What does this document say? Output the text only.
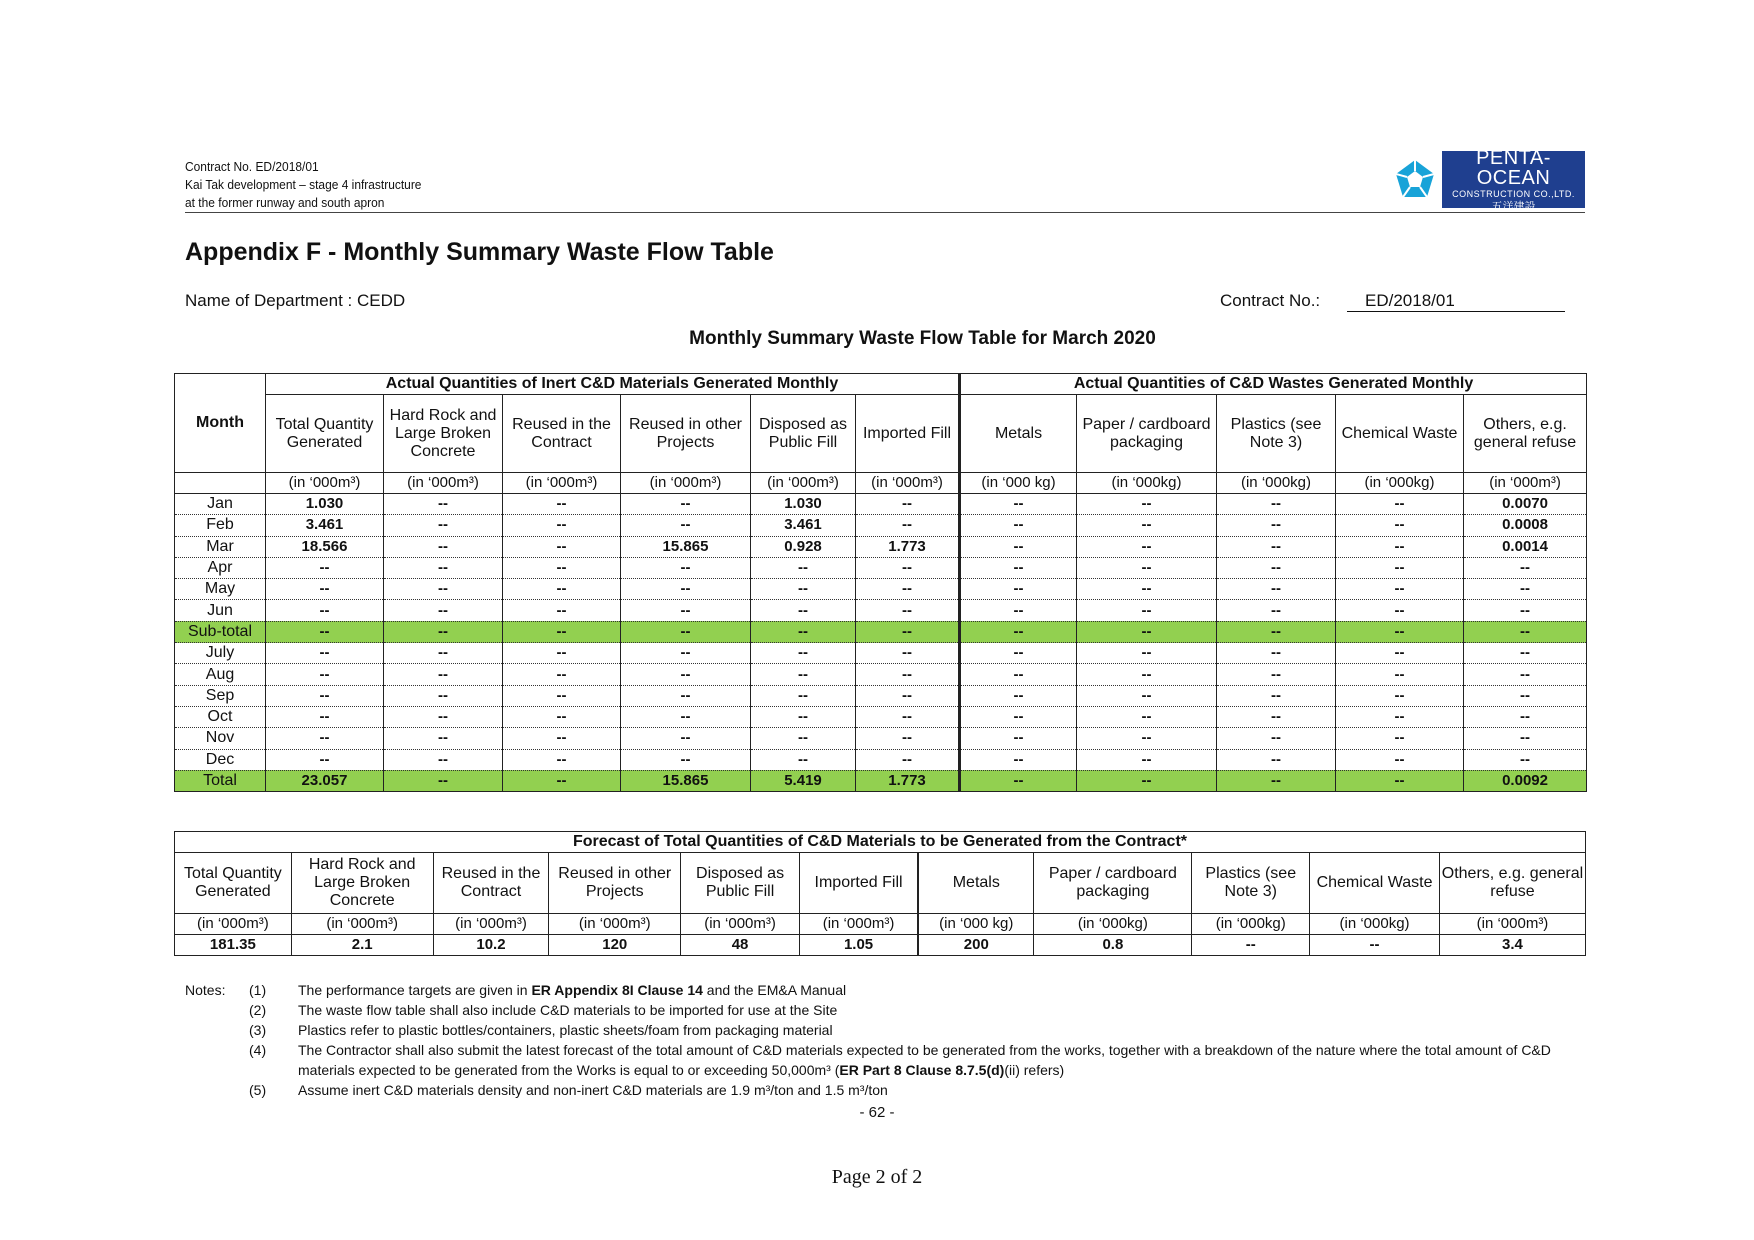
Contract No. ED/2018/01
Kai Tak development – stage 4 infrastructure
at the former runway and south apron
PENTA-OCEAN
CONSTRUCTION CO.,LTD.
五洋建設
Appendix F - Monthly Summary Waste Flow Table
Name of Department : CEDD	Contract No.:	ED/2018/01
Monthly Summary Waste Flow Table for March 2020
Month	Actual Quantities of Inert C&D Materials Generated Monthly						Actual Quantities of C&D Wastes Generated Monthly				
	Total Quantity Generated	Hard Rock and Large Broken Concrete	Reused in the Contract	Reused in other Projects	Disposed as Public Fill	Imported Fill	Metals	Paper / cardboard packaging	Plastics (see Note 3)	Chemical Waste	Others, e.g. general refuse
	(in ‘000m³)	(in ‘000m³)	(in ‘000m³)	(in ‘000m³)	(in ‘000m³)	(in ‘000m³)	(in ‘000 kg)	(in ‘000kg)	(in ‘000kg)	(in ‘000kg)	(in ‘000m³)
Jan	1.030	--	--	--	1.030	--	--	--	--	--	0.0070
Feb	3.461	--	--	--	3.461	--	--	--	--	--	0.0008
Mar	18.566	--	--	15.865	0.928	1.773	--	--	--	--	0.0014
Apr	--	--	--	--	--	--	--	--	--	--	--
May	--	--	--	--	--	--	--	--	--	--	--
Jun	--	--	--	--	--	--	--	--	--	--	--
Sub-total	--	--	--	--	--	--	--	--	--	--	--
July	--	--	--	--	--	--	--	--	--	--	--
Aug	--	--	--	--	--	--	--	--	--	--	--
Sep	--	--	--	--	--	--	--	--	--	--	--
Oct	--	--	--	--	--	--	--	--	--	--	--
Nov	--	--	--	--	--	--	--	--	--	--	--
Dec	--	--	--	--	--	--	--	--	--	--	--
Total	23.057	--	--	15.865	5.419	1.773	--	--	--	--	0.0092
Forecast of Total Quantities of C&D Materials to be Generated from the Contract*										
Total Quantity Generated	Hard Rock and Large Broken Concrete	Reused in the Contract	Reused in other Projects	Disposed as Public Fill	Imported Fill	Metals	Paper / cardboard packaging	Plastics (see Note 3)	Chemical Waste	Others, e.g. general refuse
(in ‘000m³)	(in ‘000m³)	(in ‘000m³)	(in ‘000m³)	(in ‘000m³)	(in ‘000m³)	(in ‘000 kg)	(in ‘000kg)	(in ‘000kg)	(in ‘000kg)	(in ‘000m³)
181.35	2.1	10.2	120	48	1.05	200	0.8	--	--	3.4
Notes: (1) The performance targets are given in ER Appendix 8I Clause 14 and the EM&A Manual
(2) The waste flow table shall also include C&D materials to be imported for use at the Site
(3) Plastics refer to plastic bottles/containers, plastic sheets/foam from packaging material
(4) The Contractor shall also submit the latest forecast of the total amount of C&D materials expected to be generated from the works, together with a breakdown of the nature where the total amount of C&D materials expected to be generated from the Works is equal to or exceeding 50,000m³ (ER Part 8 Clause 8.7.5(d)(ii) refers)
(5) Assume inert C&D materials density and non-inert C&D materials are 1.9 m³/ton and 1.5 m³/ton
- 62 -
Page 2 of 2
